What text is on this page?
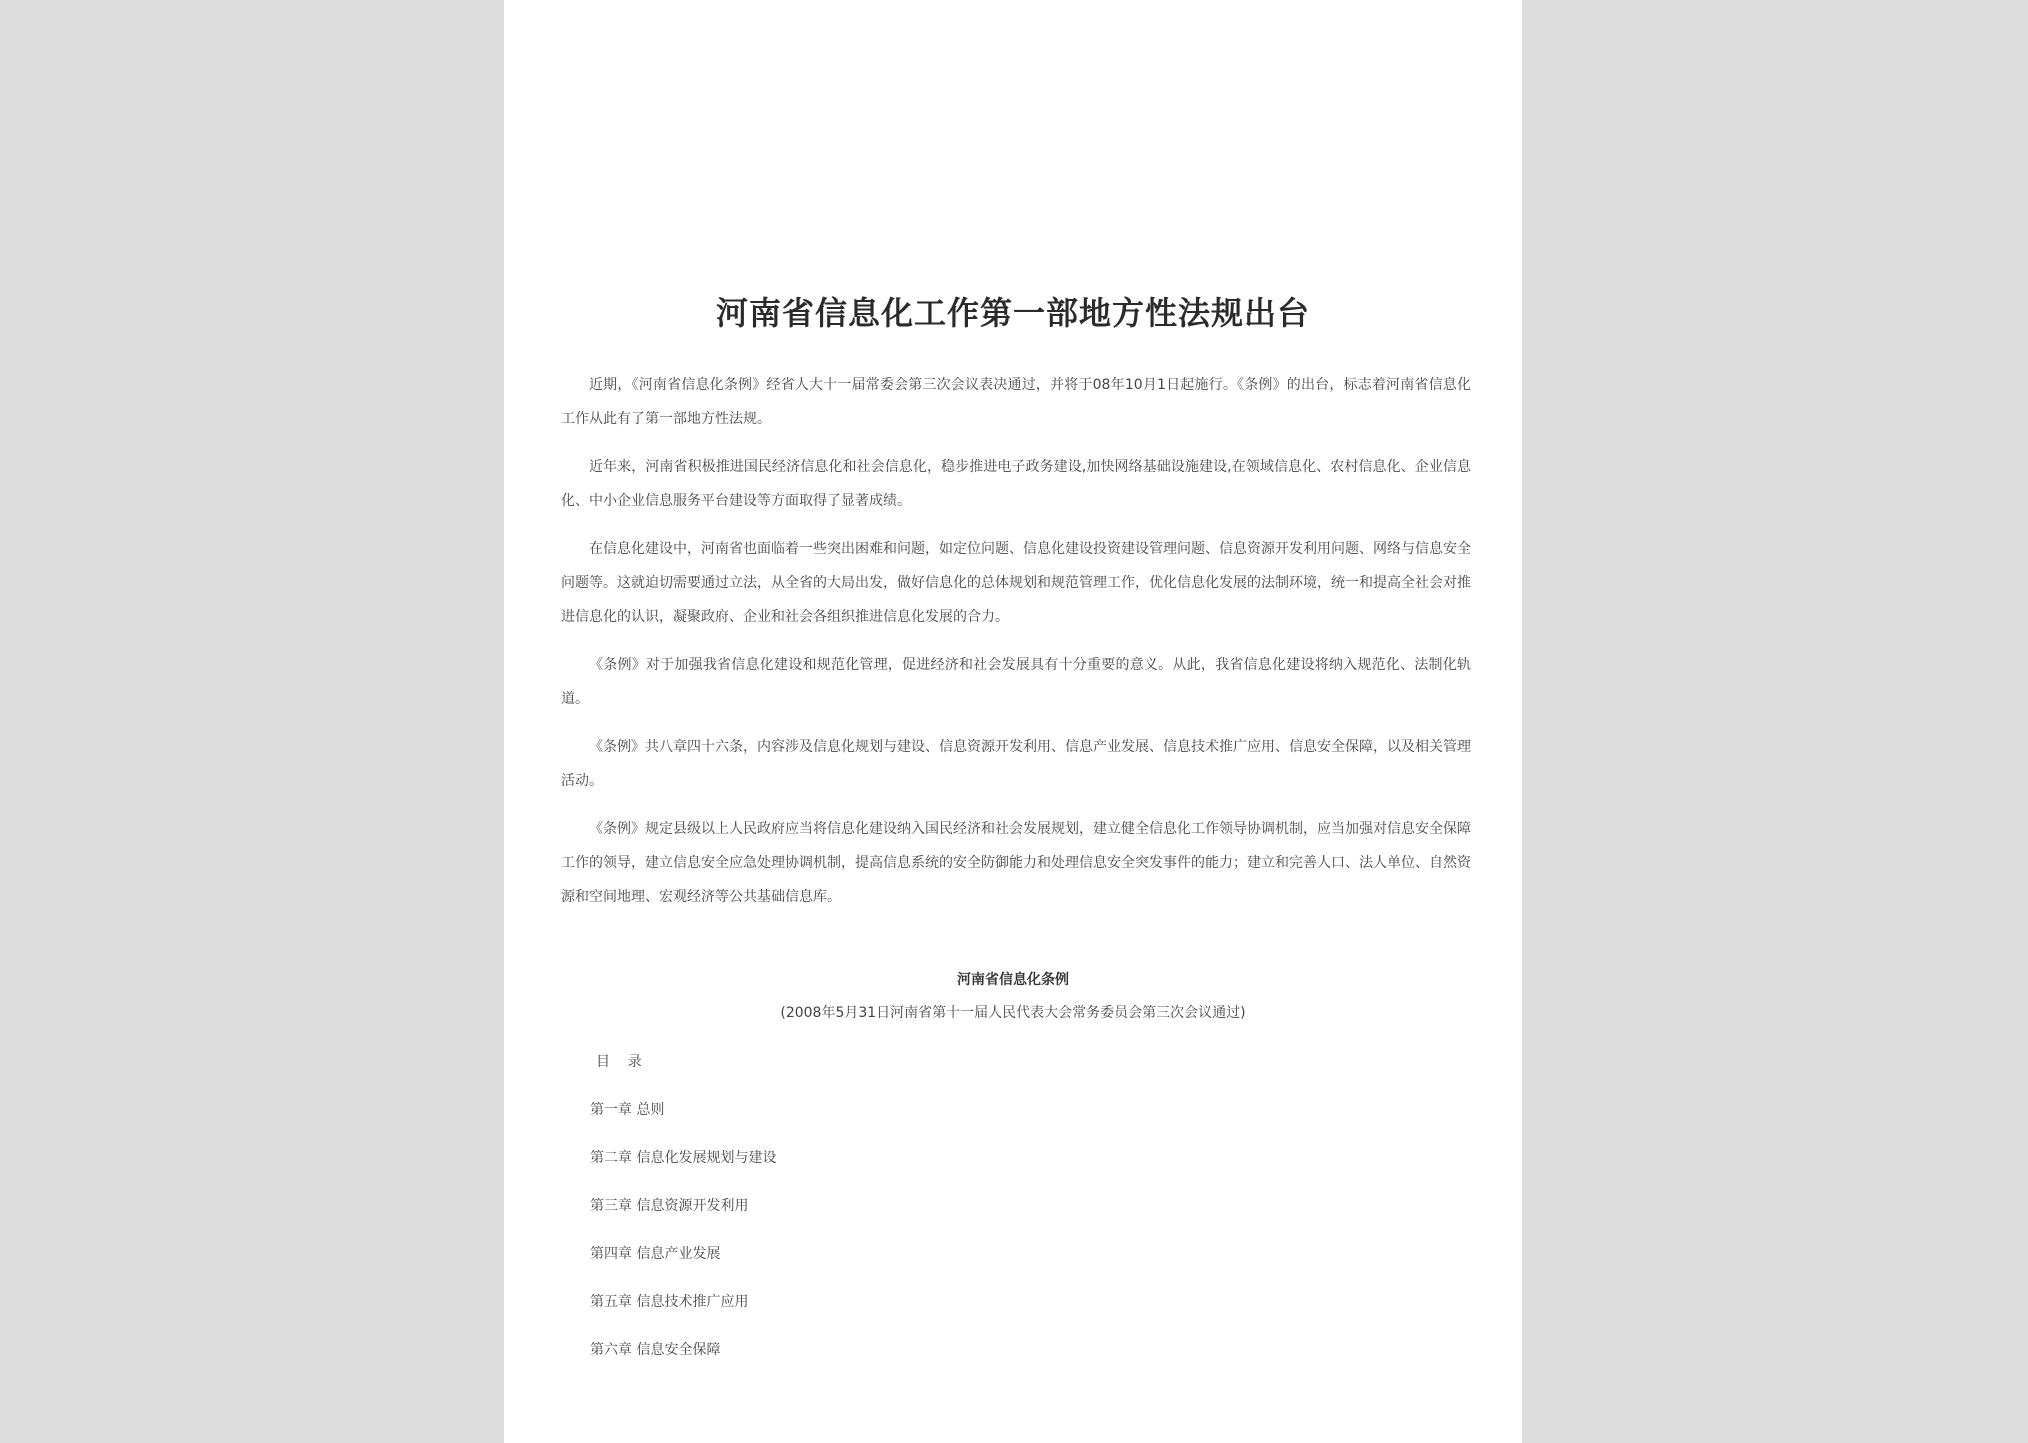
河南省信息化工作第一部地方性法规出台

近期，《河南省信息化条例》经省人大十一届常委会第三次会议表决通过，并将于08年10月1日起施行。《条例》的出台，标志着河南省信息化工作从此有了第一部地方性法规。

近年来，河南省积极推进国民经济信息化和社会信息化，稳步推进电子政务建设,加快网络基础设施建设,在领域信息化、农村信息化、企业信息化、中小企业信息服务平台建设等方面取得了显著成绩。

在信息化建设中，河南省也面临着一些突出困难和问题，如定位问题、信息化建设投资建设管理问题、信息资源开发利用问题、网络与信息安全问题等。这就迫切需要通过立法，从全省的大局出发，做好信息化的总体规划和规范管理工作，优化信息化发展的法制环境，统一和提高全社会对推进信息化的认识，凝聚政府、企业和社会各组织推进信息化发展的合力。

《条例》对于加强我省信息化建设和规范化管理，促进经济和社会发展具有十分重要的意义。从此，我省信息化建设将纳入规范化、法制化轨道。

《条例》共八章四十六条，内容涉及信息化规划与建设、信息资源开发利用、信息产业发展、信息技术推广应用、信息安全保障，以及相关管理活动。

《条例》规定县级以上人民政府应当将信息化建设纳入国民经济和社会发展规划，建立健全信息化工作领导协调机制，应当加强对信息安全保障工作的领导，建立信息安全应急处理协调机制，提高信息系统的安全防御能力和处理信息安全突发事件的能力；建立和完善人口、法人单位、自然资源和空间地理、宏观经济等公共基础信息库。

河南省信息化条例
(2008年5月31日河南省第十一届人民代表大会常务委员会第三次会议通过)
目    录
第一章 总则
第二章 信息化发展规划与建设
第三章 信息资源开发利用
第四章 信息产业发展
第五章 信息技术推广应用
第六章 信息安全保障
